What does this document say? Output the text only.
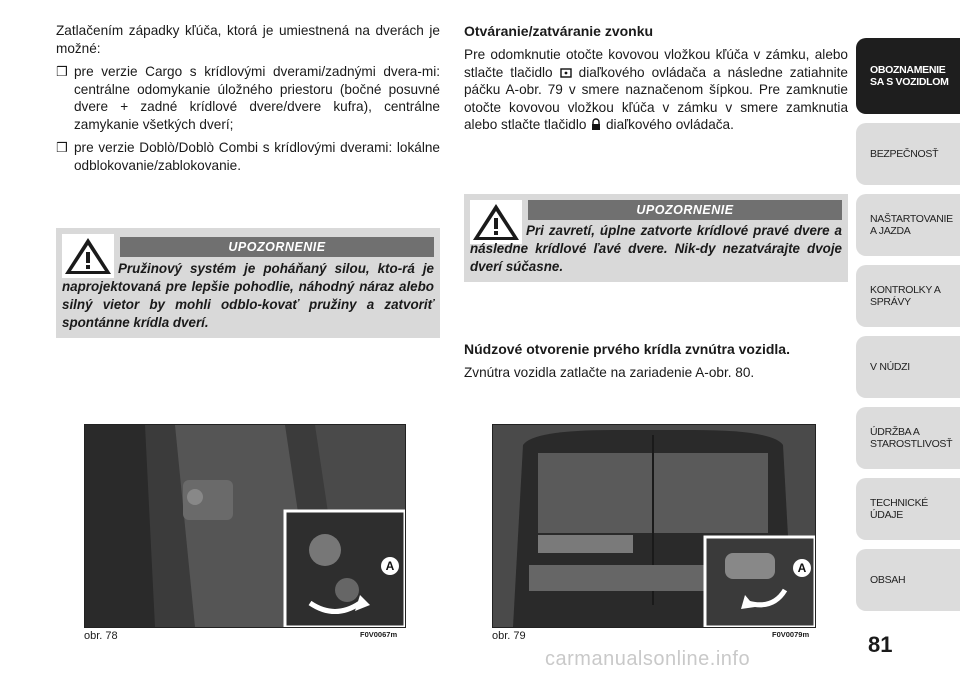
Zatlačením západky kľúča, ktorá je umiestnená na dverách je možné:

❒ pre verzie Cargo s krídlovými dverami/zadnými dvera-mi: centrálne odomykanie úložného priestoru (bočné posuvné dvere + zadné krídlové dvere/dvere kufra), centrálne zamykanie všetkých dverí;
❒ pre verzie Doblò/Doblò Combi s krídlovými dverami: lokálne odblokovanie/zablokovanie.
UPOZORNENIE
Pružinový systém je poháňaný silou, kto-rá je naprojektovaná pre lepšie pohodlie, náhodný náraz alebo silný vietor by mohli odblo-kovať pružiny a zatvoriť spontánne krídla dverí.
A
obr. 78	F0V0067m
Otváranie/zatváranie zvonku

Pre odomknutie otočte kovovou vložkou kľúča v zámku, alebo stlačte tlačidlo diaľkového ovládača a následne zatiahnite páčku A-obr. 79 v smere naznačenom šípkou. Pre zamknutie otočte kovovou vložkou kľúča v zámku v smere zamknutia alebo stlačte tlačidlo diaľkového ovládača.

UPOZORNENIE
Pri zavretí, úplne zatvorte krídlové pravé dvere a následne krídlové ľavé dvere. Nik-dy nezatvárajte dvoje dverí súčasne.
Núdzové otvorenie prvého krídla zvnútra vozidla.

Zvnútra vozidla zatlačte na zariadenie A-obr. 80.

A
obr. 79	F0V0079m
OBOZNAMENIE SA S VOZIDLOM
BEZPEČNOSŤ
NAŠTARTOVANIE A JAZDA
KONTROLKY A SPRÁVY
V NÚDZI
ÚDRŽBA A STAROSTLIVOSŤ
TECHNICKÉ ÚDAJE
OBSAH
81
carmanualsonline.info
